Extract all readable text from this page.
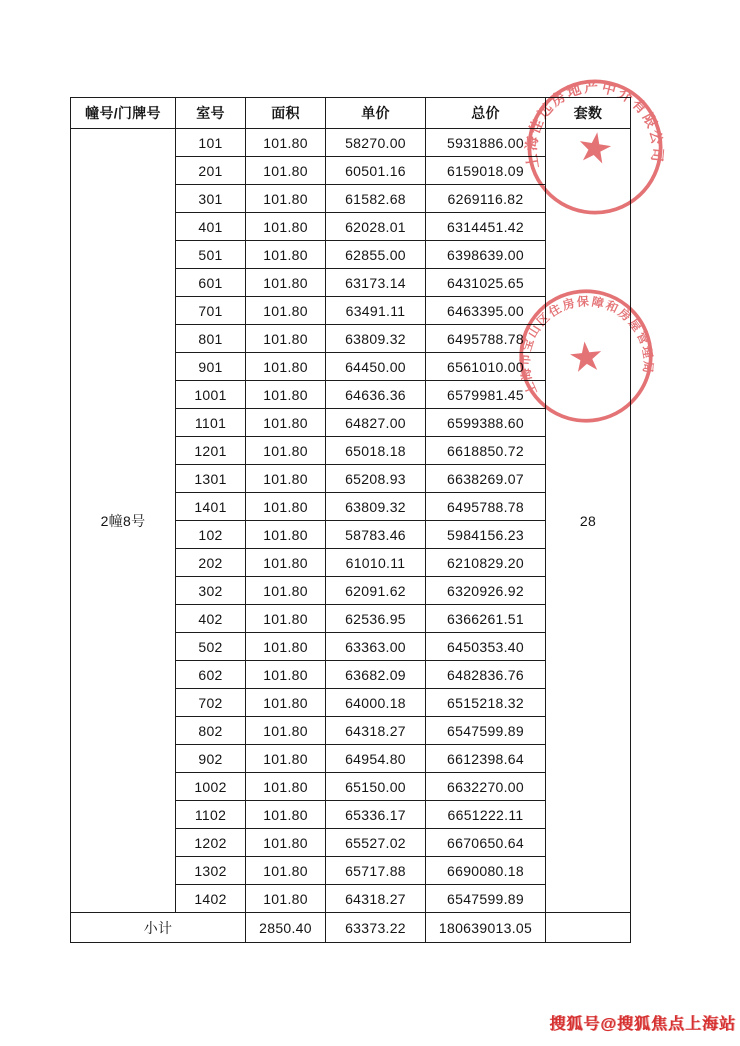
幢号/门牌号	室号	面积	单价	总价	套数
2幢8号	101	101.80	58270.00	5931886.00	28
	201	101.80	60501.16	6159018.09	
	301	101.80	61582.68	6269116.82	
	401	101.80	62028.01	6314451.42	
	501	101.80	62855.00	6398639.00	
	601	101.80	63173.14	6431025.65	
	701	101.80	63491.11	6463395.00	
	801	101.80	63809.32	6495788.78	
	901	101.80	64450.00	6561010.00	
	1001	101.80	64636.36	6579981.45	
	1101	101.80	64827.00	6599388.60	
	1201	101.80	65018.18	6618850.72	
	1301	101.80	65208.93	6638269.07	
	1401	101.80	63809.32	6495788.78	
	102	101.80	58783.46	5984156.23	
	202	101.80	61010.11	6210829.20	
	302	101.80	62091.62	6320926.92	
	402	101.80	62536.95	6366261.51	
	502	101.80	63363.00	6450353.40	
	602	101.80	63682.09	6482836.76	
	702	101.80	64000.18	6515218.32	
	802	101.80	64318.27	6547599.89	
	902	101.80	64954.80	6612398.64	
	1002	101.80	65150.00	6632270.00	
	1102	101.80	65336.17	6651222.11	
	1202	101.80	65527.02	6670650.64	
	1302	101.80	65717.88	6690080.18	
	1402	101.80	64318.27	6547599.89	
小计		2850.40	63373.22	180639013.05	
上海佳远房地产中介有限公司
★
上海市宝山区住房保障和房屋管理局
★
搜狐号@搜狐焦点上海站
